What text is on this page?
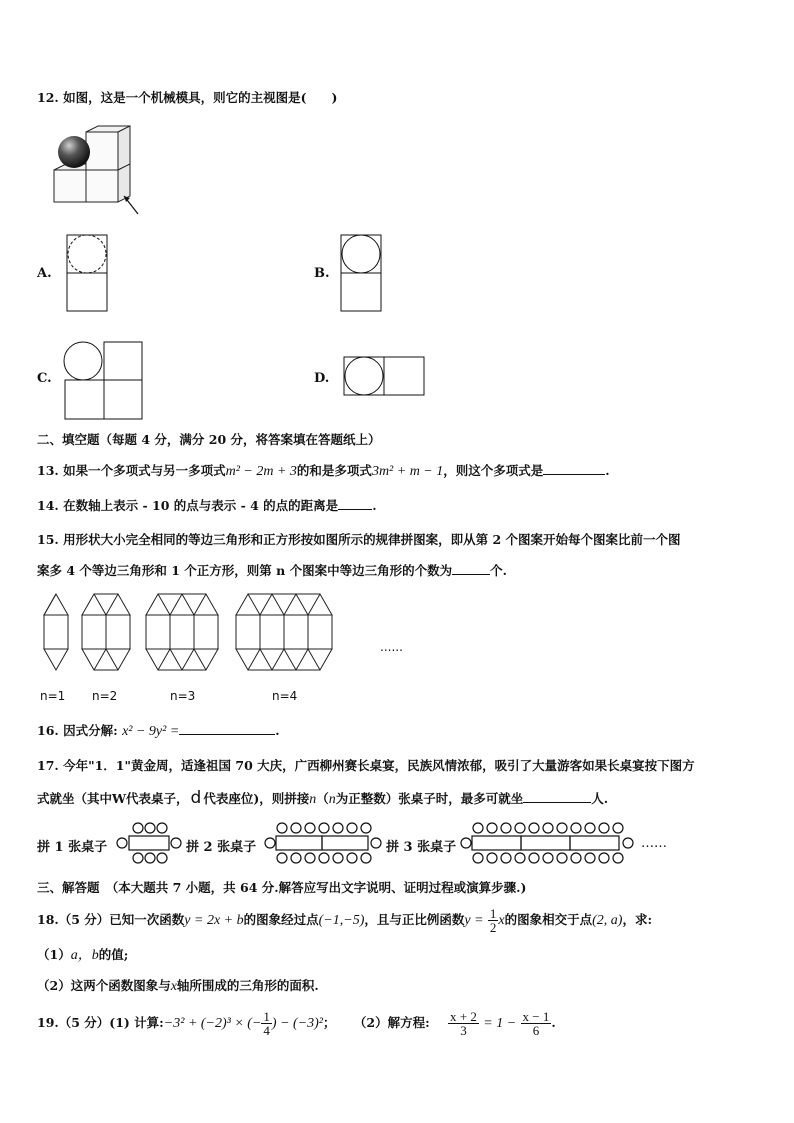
12. 如图，这是一个机械模具，则它的主视图是(　　)
A.	B.
C.	D.
二、填空题（每题 4 分，满分 20 分，将答案填在答题纸上）
13. 如果一个多项式与另一多项式m² − 2m + 3的和是多项式3m² + m − 1，则这个多项式是	.
14. 在数轴上表示 - 10 的点与表示 - 4 的点的距离是	.
15. 用形状大小完全相同的等边三角形和正方形按如图所示的规律拼图案，即从第 2 个图案开始每个图案比前一个图
案多 4 个等边三角形和 1 个正方形，则第 n 个图案中等边三角形的个数为	个.
......
n=1 n=2	n=3	n=4
16. 因式分解: x² − 9y² =	.
17. 今年"1．1"黄金周，适逢祖国 70 大庆，广西柳州赛长桌宴，民族风情浓郁，吸引了大量游客如果长桌宴按下图方
式就坐（其中W代表桌子， d 代表座位)，则拼接n（n为正整数）张桌子时，最多可就坐	人.
拼 1 张桌子	拼 2 张桌子	拼 3 张桌子	……
三、解答题　（本大题共 7 小题，共 64 分.解答应写出文字说明、证明过程或演算步骤.)
18.（5 分）已知一次函数y = 2x + b的图象经过点(−1,−5)，且与正比例函数$y = \frac{1}{2}$ x的图象相交于点(2, a)，求:
（1）a，b的值;
（2）这两个函数图象与x轴所围成的三角形的面积.
19.（5 分）(1) 计算:−3² + (−2)³ × (− $\frac{1}{4}$ ) − (−3)²； （2）解方程: $\frac{x + 2}{3} = 1 - \frac{x - 1}{6}$ .
